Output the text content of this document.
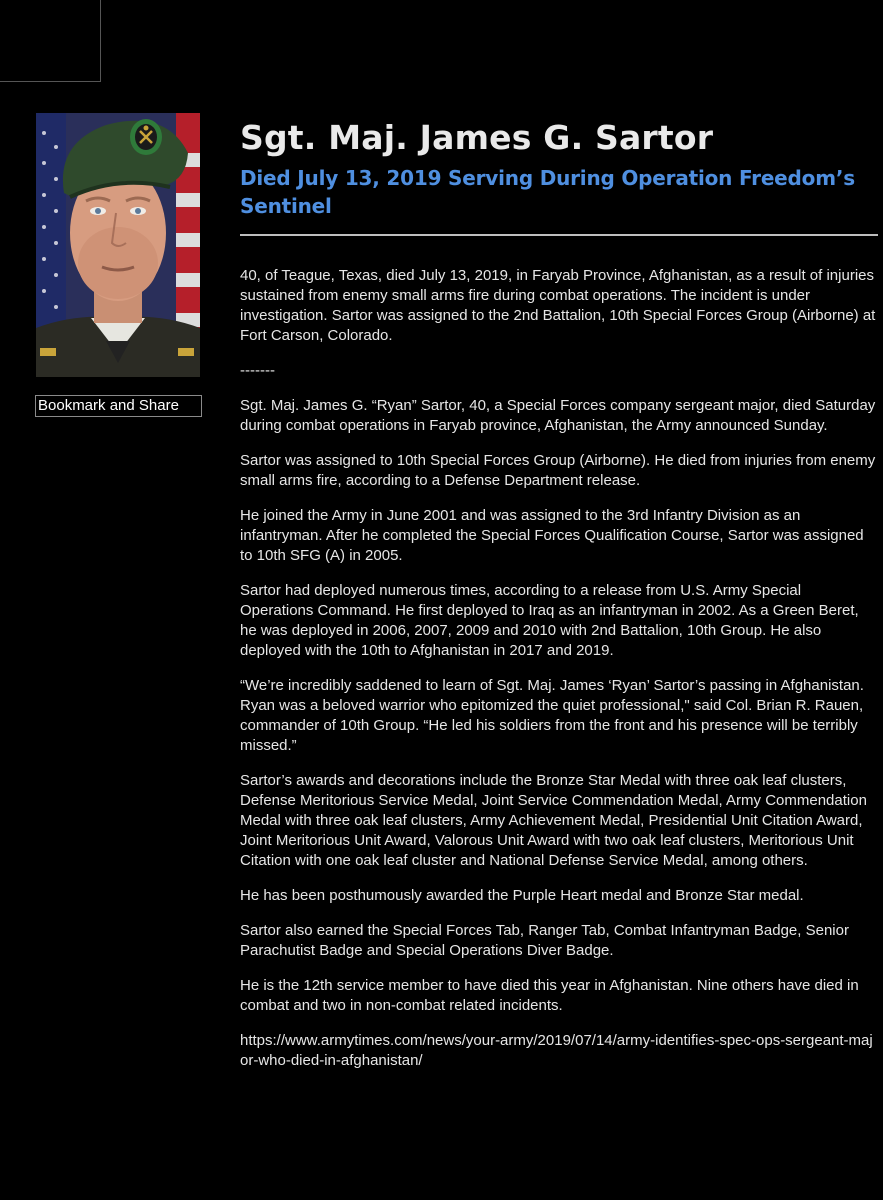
Bookmark and Share
Sgt. Maj. James G. Sartor
Died July 13, 2019 Serving During Operation Freedom’s Sentinel

40, of Teague, Texas, died July 13, 2019, in Faryab Province, Afghanistan, as a result of injuries sustained from enemy small arms fire during combat operations. The incident is under investigation. Sartor was assigned to the 2nd Battalion, 10th Special Forces Group (Airborne) at Fort Carson, Colorado.

-------

Sgt. Maj. James G. “Ryan” Sartor, 40, a Special Forces company sergeant major, died Saturday during combat operations in Faryab province, Afghanistan, the Army announced Sunday.

Sartor was assigned to 10th Special Forces Group (Airborne). He died from injuries from enemy small arms fire, according to a Defense Department release.

He joined the Army in June 2001 and was assigned to the 3rd Infantry Division as an infantryman. After he completed the Special Forces Qualification Course, Sartor was assigned to 10th SFG (A) in 2005.

Sartor had deployed numerous times, according to a release from U.S. Army Special Operations Command. He first deployed to Iraq as an infantryman in 2002. As a Green Beret, he was deployed in 2006, 2007, 2009 and 2010 with 2nd Battalion, 10th Group. He also deployed with the 10th to Afghanistan in 2017 and 2019.

“We’re incredibly saddened to learn of Sgt. Maj. James ‘Ryan’ Sartor’s passing in Afghanistan. Ryan was a beloved warrior who epitomized the quiet professional," said Col. Brian R. Rauen, commander of 10th Group. “He led his soldiers from the front and his presence will be terribly missed.”

Sartor’s awards and decorations include the Bronze Star Medal with three oak leaf clusters, Defense Meritorious Service Medal, Joint Service Commendation Medal, Army Commendation Medal with three oak leaf clusters, Army Achievement Medal, Presidential Unit Citation Award, Joint Meritorious Unit Award, Valorous Unit Award with two oak leaf clusters, Meritorious Unit Citation with one oak leaf cluster and National Defense Service Medal, among others.

He has been posthumously awarded the Purple Heart medal and Bronze Star medal.

Sartor also earned the Special Forces Tab, Ranger Tab, Combat Infantryman Badge, Senior Parachutist Badge and Special Operations Diver Badge.

He is the 12th service member to have died this year in Afghanistan. Nine others have died in combat and two in non-combat related incidents.

https://www.armytimes.com/news/your-army/2019/07/14/army-identifies-spec-ops-sergeant-major-who-died-in-afghanistan/
